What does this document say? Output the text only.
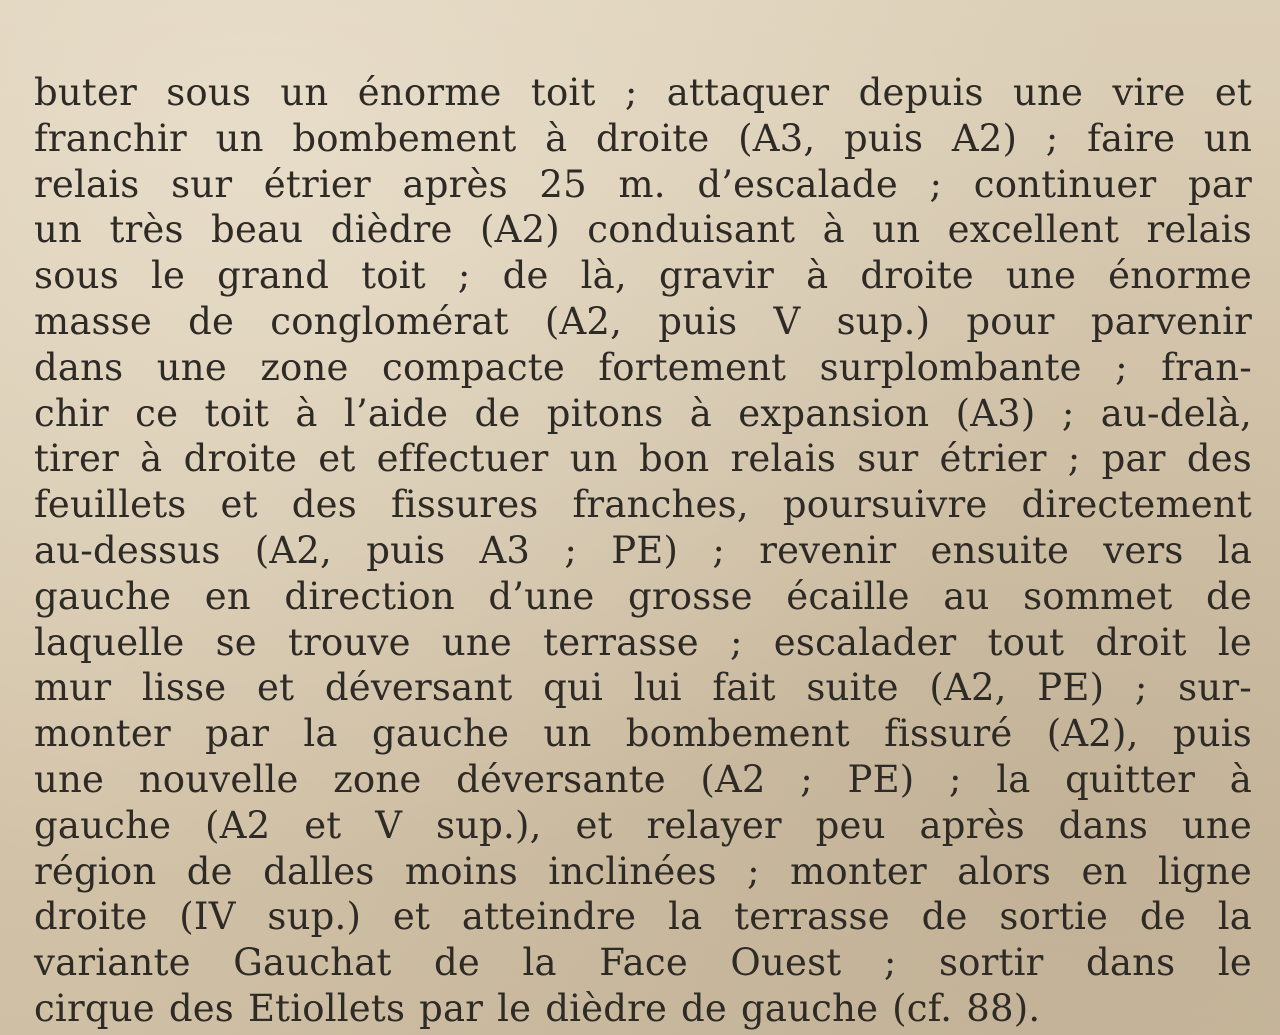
buter sous un énorme toit ; attaquer depuis une vire et
franchir un bombement à droite (A3, puis A2) ; faire un
relais sur étrier après 25 m. d’escalade ; continuer par
un très beau dièdre (A2) conduisant à un excellent relais
sous le grand toit ; de là, gravir à droite une énorme
masse de conglomérat (A2, puis V sup.) pour parvenir
dans une zone compacte fortement surplombante ; fran-
chir ce toit à l’aide de pitons à expansion (A3) ; au-delà,
tirer à droite et effectuer un bon relais sur étrier ; par des
feuillets et des fissures franches, poursuivre directement
au-dessus (A2, puis A3 ; PE) ; revenir ensuite vers la
gauche en direction d’une grosse écaille au sommet de
laquelle se trouve une terrasse ; escalader tout droit le
mur lisse et déversant qui lui fait suite (A2, PE) ; sur-
monter par la gauche un bombement fissuré (A2), puis
une nouvelle zone déversante (A2 ; PE) ; la quitter à
gauche (A2 et V sup.), et relayer peu après dans une
région de dalles moins inclinées ; monter alors en ligne
droite (IV sup.) et atteindre la terrasse de sortie de la
variante Gauchat de la Face Ouest ; sortir dans le
cirque des Etiollets par le dièdre de gauche (cf. 88).
